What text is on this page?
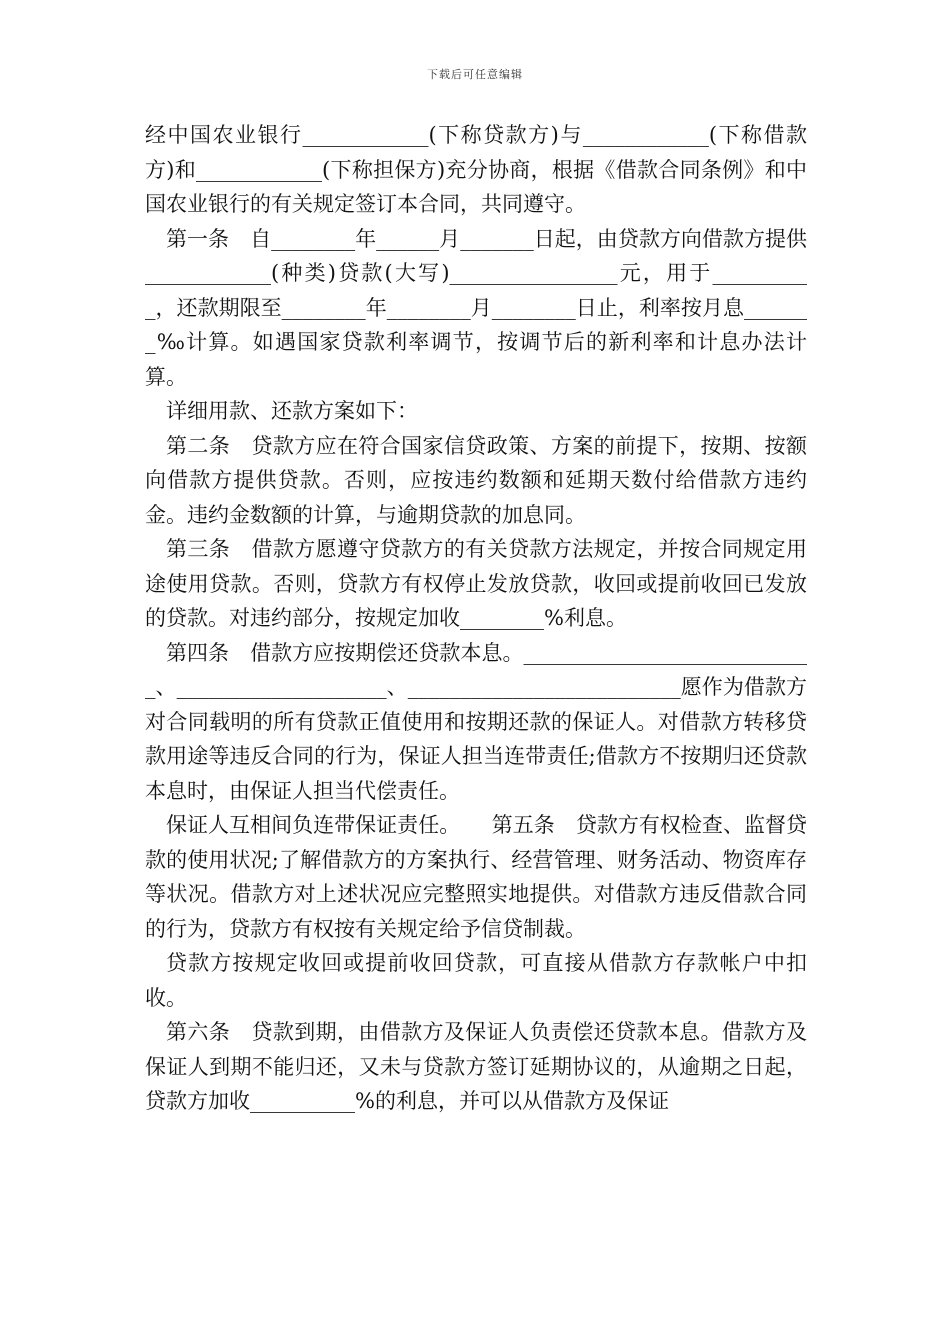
下载后可任意编辑

经中国农业银行____________(下称贷款方)与____________(下称借款方)和____________(下称担保方)充分协商，根据《借款合同条例》和中国农业银行的有关规定签订本合同，共同遵守。

第一条　自________年______月_______日起，由贷款方向借款方提供____________(种类)贷款(大写)________________元，用于__________，还款期限至________年________月________日止，利率按月息_______‰计算。如遇国家贷款利率调节，按调节后的新利率和计息办法计算。

详细用款、还款方案如下：

第二条　贷款方应在符合国家信贷政策、方案的前提下，按期、按额向借款方提供贷款。否则，应按违约数额和延期天数付给借款方违约金。违约金数额的计算，与逾期贷款的加息同。

第三条　借款方愿遵守贷款方的有关贷款方法规定，并按合同规定用途使用贷款。否则，贷款方有权停止发放贷款，收回或提前收回已发放的贷款。对违约部分，按规定加收________%利息。

第四条　借款方应按期偿还贷款本息。____________________________、____________________、__________________________愿作为借款方对合同载明的所有贷款正值使用和按期还款的保证人。对借款方转移贷款用途等违反合同的行为，保证人担当连带责任;借款方不按期归还贷款本息时，由保证人担当代偿责任。

保证人互相间负连带保证责任。　　第五条　贷款方有权检查、监督贷款的使用状况;了解借款方的方案执行、经营管理、财务活动、物资库存等状况。借款方对上述状况应完整照实地提供。对借款方违反借款合同的行为，贷款方有权按有关规定给予信贷制裁。

贷款方按规定收回或提前收回贷款，可直接从借款方存款帐户中扣收。

第六条　贷款到期，由借款方及保证人负责偿还贷款本息。借款方及保证人到期不能归还，又未与贷款方签订延期协议的，从逾期之日起，贷款方加收__________%的利息，并可以从借款方及保证
